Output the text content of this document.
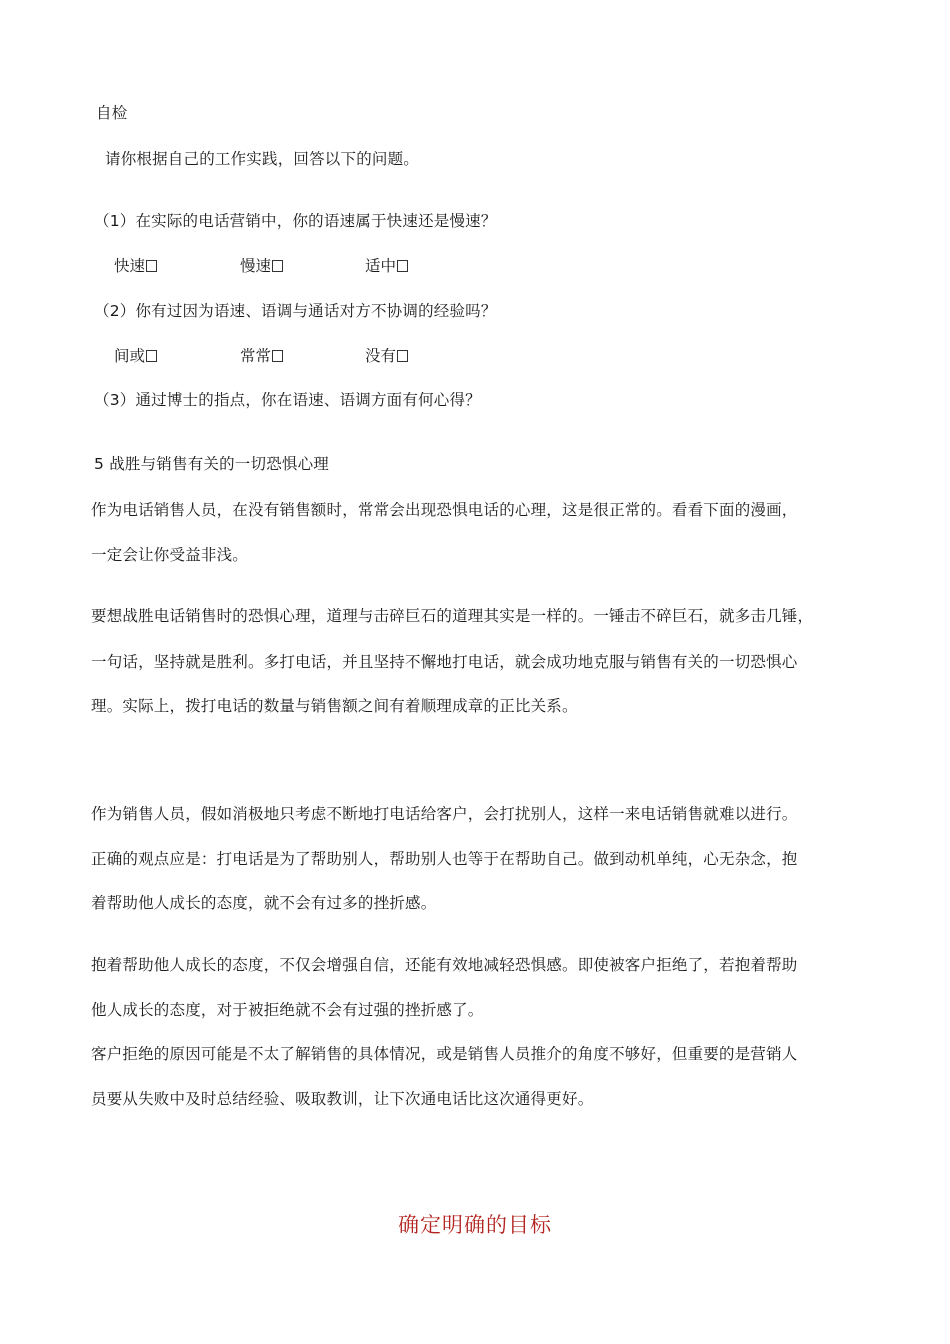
自检

请你根据自己的工作实践，回答以下的问题。

（1）在实际的电话营销中，你的语速属于快速还是慢速？

快速	慢速	适中

（2）你有过因为语速、语调与通话对方不协调的经验吗？

间或	常常	没有

（3）通过博士的指点，你在语速、语调方面有何心得？

5 战胜与销售有关的一切恐惧心理

作为电话销售人员，在没有销售额时，常常会出现恐惧电话的心理，这是很正常的。看看下面的漫画，

一定会让你受益非浅。

要想战胜电话销售时的恐惧心理，道理与击碎巨石的道理其实是一样的。一锤击不碎巨石，就多击几锤，

一句话，坚持就是胜利。多打电话，并且坚持不懈地打电话，就会成功地克服与销售有关的一切恐惧心

理。实际上，拨打电话的数量与销售额之间有着顺理成章的正比关系。

作为销售人员，假如消极地只考虑不断地打电话给客户，会打扰别人，这样一来电话销售就难以进行。

正确的观点应是：打电话是为了帮助别人，帮助别人也等于在帮助自己。做到动机单纯，心无杂念，抱

着帮助他人成长的态度，就不会有过多的挫折感。

抱着帮助他人成长的态度，不仅会增强自信，还能有效地减轻恐惧感。即使被客户拒绝了，若抱着帮助

他人成长的态度，对于被拒绝就不会有过强的挫折感了。

客户拒绝的原因可能是不太了解销售的具体情况，或是销售人员推介的角度不够好，但重要的是营销人

员要从失败中及时总结经验、吸取教训，让下次通电话比这次通得更好。

确定明确的目标
